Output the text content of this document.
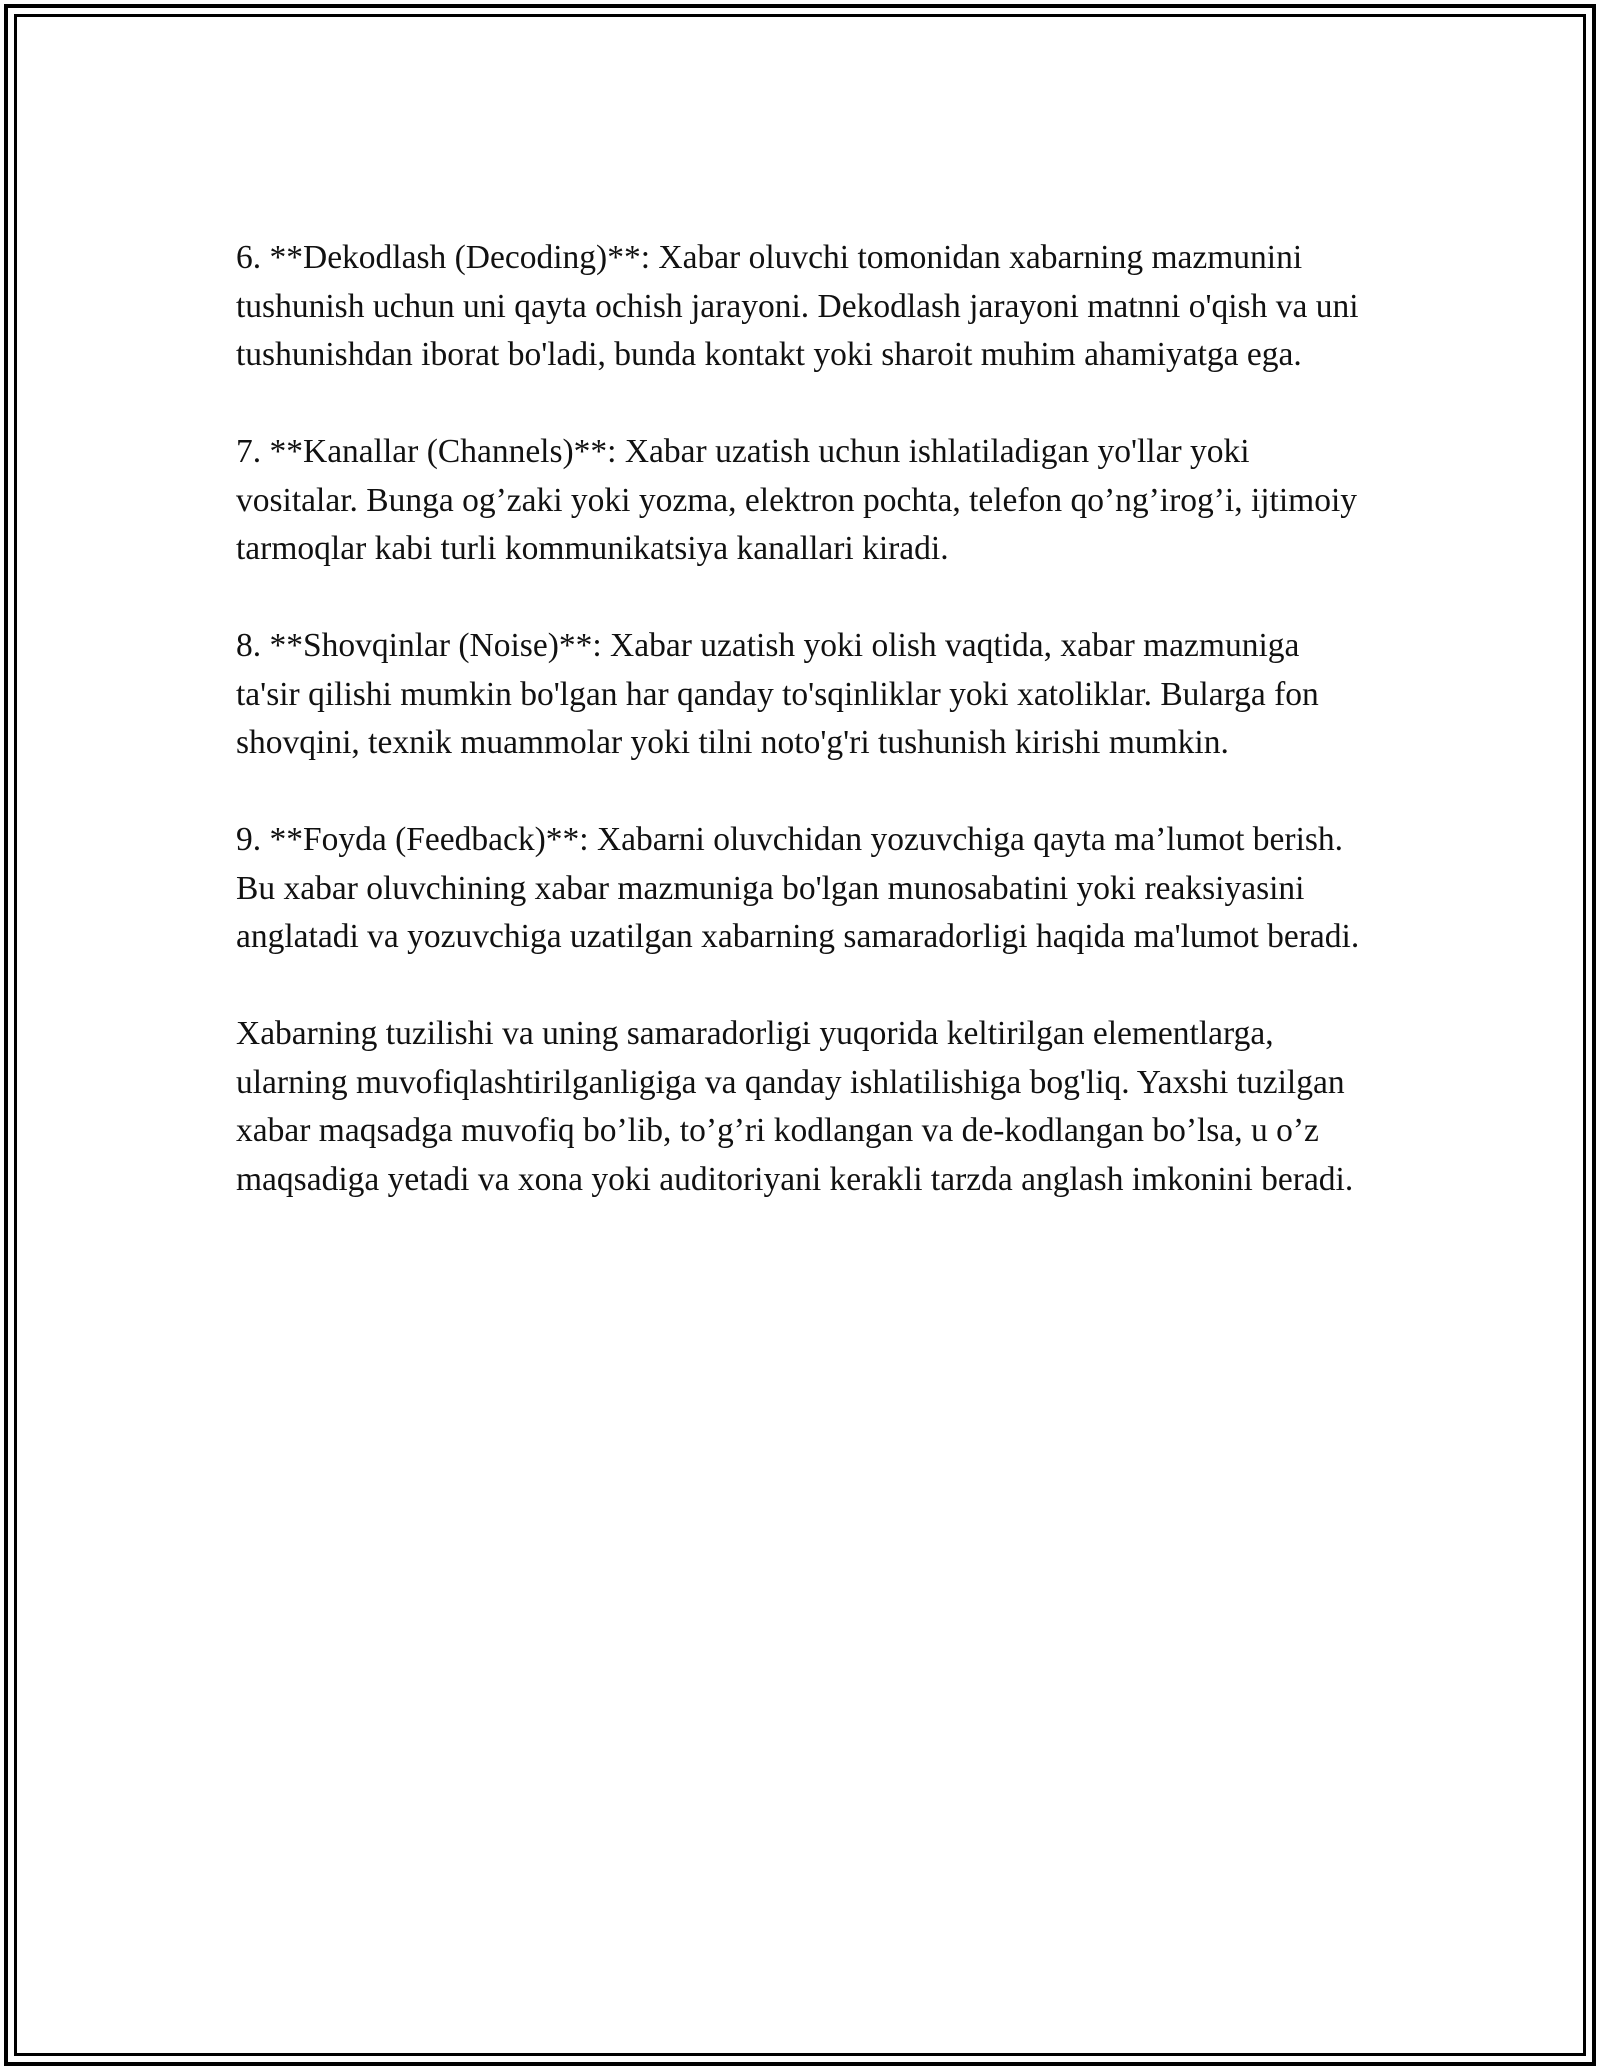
6. **Dekodlash (Decoding)**: Xabar oluvchi tomonidan xabarning mazmunini tushunish uchun uni qayta ochish jarayoni. Dekodlash jarayoni matnni o'qish va uni tushunishdan iborat bo'ladi, bunda kontakt yoki sharoit muhim ahamiyatga ega.

7. **Kanallar (Channels)**: Xabar uzatish uchun ishlatiladigan yo'llar yoki vositalar. Bunga og’zaki yoki yozma, elektron pochta, telefon qo’ng’irog’i, ijtimoiy tarmoqlar kabi turli kommunikatsiya kanallari kiradi.

8. **Shovqinlar (Noise)**: Xabar uzatish yoki olish vaqtida, xabar mazmuniga ta'sir qilishi mumkin bo'lgan har qanday to'sqinliklar yoki xatoliklar. Bularga fon shovqini, texnik muammolar yoki tilni noto'g'ri tushunish kirishi mumkin.

9. **Foyda (Feedback)**: Xabarni oluvchidan yozuvchiga qayta ma’lumot berish. Bu xabar oluvchining xabar mazmuniga bo'lgan munosabatini yoki reaksiyasini anglatadi va yozuvchiga uzatilgan xabarning samaradorligi haqida ma'lumot beradi.

Xabarning tuzilishi va uning samaradorligi yuqorida keltirilgan elementlarga, ularning muvofiqlashtirilganligiga va qanday ishlatilishiga bog'liq. Yaxshi tuzilgan xabar maqsadga muvofiq bo’lib, to’g’ri kodlangan va de-kodlangan bo’lsa, u o’z maqsadiga yetadi va xona yoki auditoriyani kerakli tarzda anglash imkonini beradi.
